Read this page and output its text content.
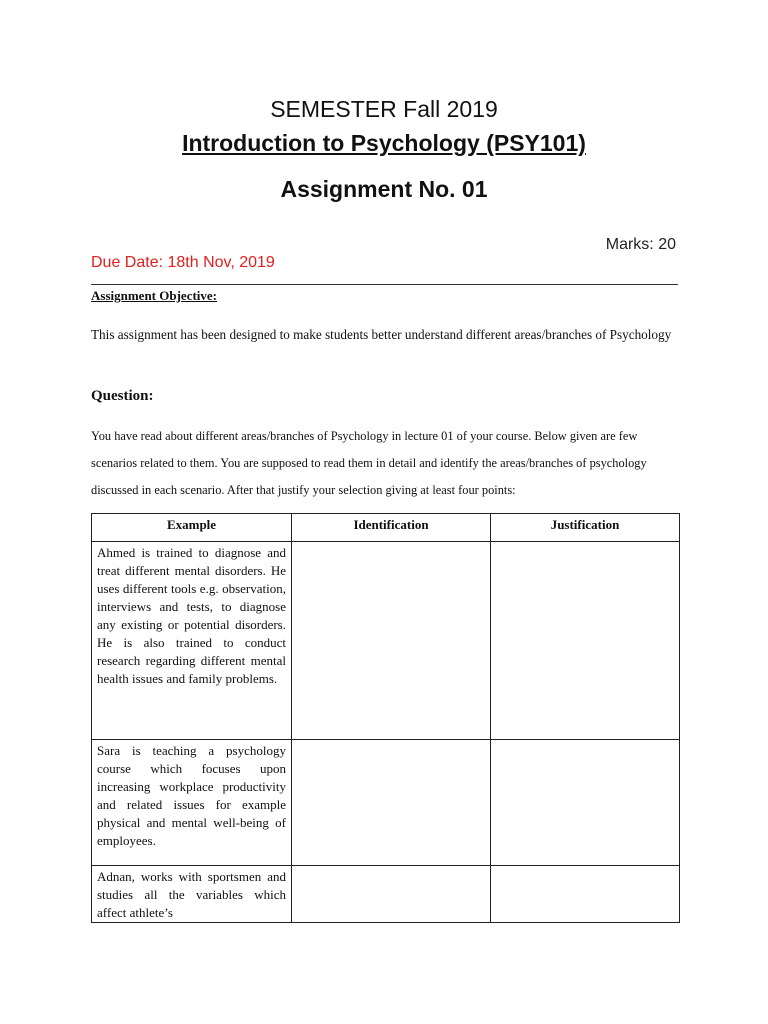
SEMESTER Fall 2019
Introduction to Psychology (PSY101)
Assignment No. 01
Marks: 20
Due Date: 18th Nov, 2019
Assignment Objective:
This assignment has been designed to make students better understand different areas/branches of Psychology
Question:
You have read about different areas/branches of Psychology in lecture 01 of your course. Below given are few scenarios related to them. You are supposed to read them in detail and identify the areas/branches of psychology discussed in each scenario. After that justify your selection giving at least four points:
Example	Identification	Justification
Ahmed is trained to diagnose and treat different mental disorders. He uses different tools e.g. observation, interviews and tests, to diagnose any existing or potential disorders. He is also trained to conduct research regarding different mental health issues and family problems.		
Sara is teaching a psychology course which focuses upon increasing workplace productivity and related issues for example physical and mental well-being of employees.		

Adnan, works with sportsmen and studies all the variables which affect athlete’s		
